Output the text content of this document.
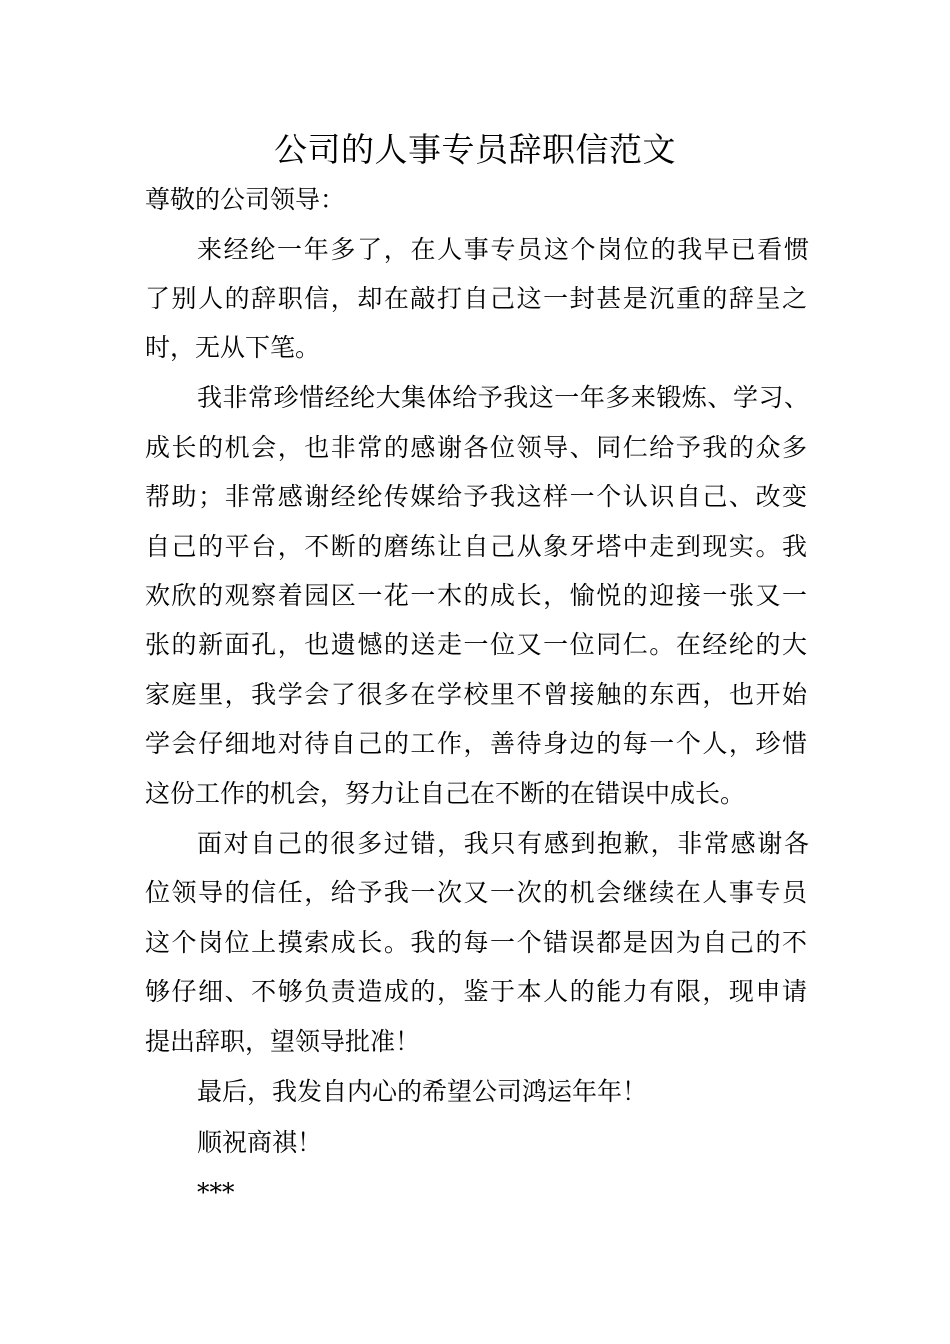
公司的人事专员辞职信范文
尊敬的公司领导：
来经纶一年多了，在人事专员这个岗位的我早已看惯
了别人的辞职信，却在敲打自己这一封甚是沉重的辞呈之
时，无从下笔。
我非常珍惜经纶大集体给予我这一年多来锻炼、学习、
成长的机会，也非常的感谢各位领导、同仁给予我的众多
帮助；非常感谢经纶传媒给予我这样一个认识自己、改变
自己的平台，不断的磨练让自己从象牙塔中走到现实。我
欢欣的观察着园区一花一木的成长，愉悦的迎接一张又一
张的新面孔，也遗憾的送走一位又一位同仁。在经纶的大
家庭里，我学会了很多在学校里不曾接触的东西，也开始
学会仔细地对待自己的工作，善待身边的每一个人，珍惜
这份工作的机会，努力让自己在不断的在错误中成长。
面对自己的很多过错，我只有感到抱歉，非常感谢各
位领导的信任，给予我一次又一次的机会继续在人事专员
这个岗位上摸索成长。我的每一个错误都是因为自己的不
够仔细、不够负责造成的，鉴于本人的能力有限，现申请
提出辞职，望领导批准！
最后，我发自内心的希望公司鸿运年年！
顺祝商祺！
***
